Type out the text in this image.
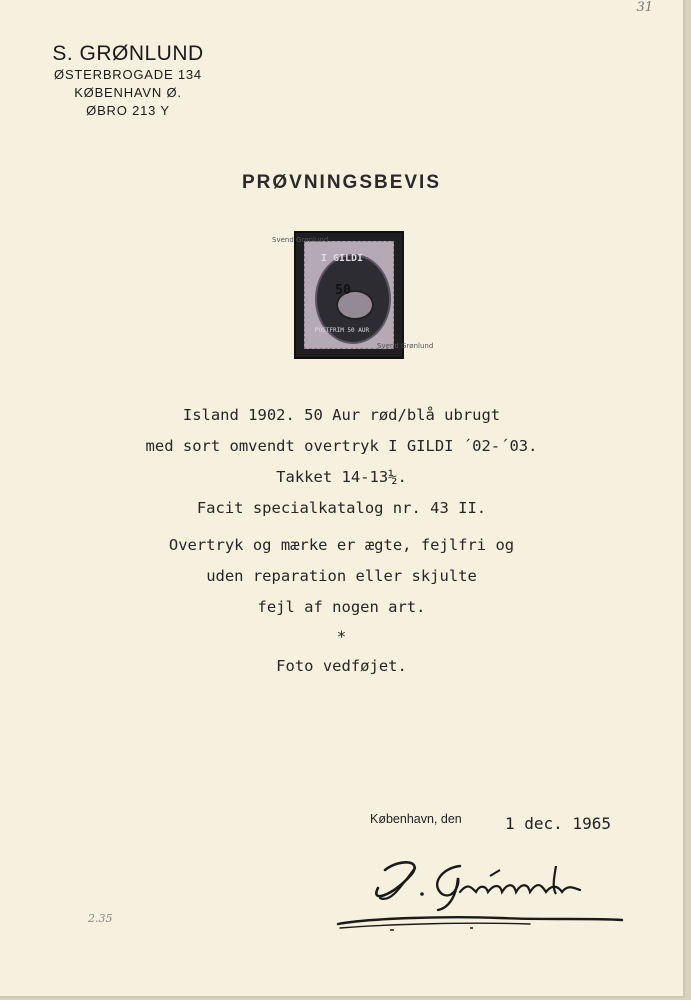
31
S. GRØNLUND
ØSTERBROGADE 134
KØBENHAVN Ø.
ØBRO 213 Y
PRØVNINGSBEVIS
I GILDI
50
POSTFRIM 50 AUR
Svend Grønlund
Svend Grønlund
Island 1902. 50 Aur rød/blå ubrugt
med sort omvendt overtryk I GILDI ´02-´03.
Takket 14-13½.
Facit specialkatalog nr. 43 II.
Overtryk og mærke er ægte, fejlfri og
uden reparation eller skjulte
fejl af nogen art.
*
Foto vedføjet.
København, den	1 dec. 1965
2.35
